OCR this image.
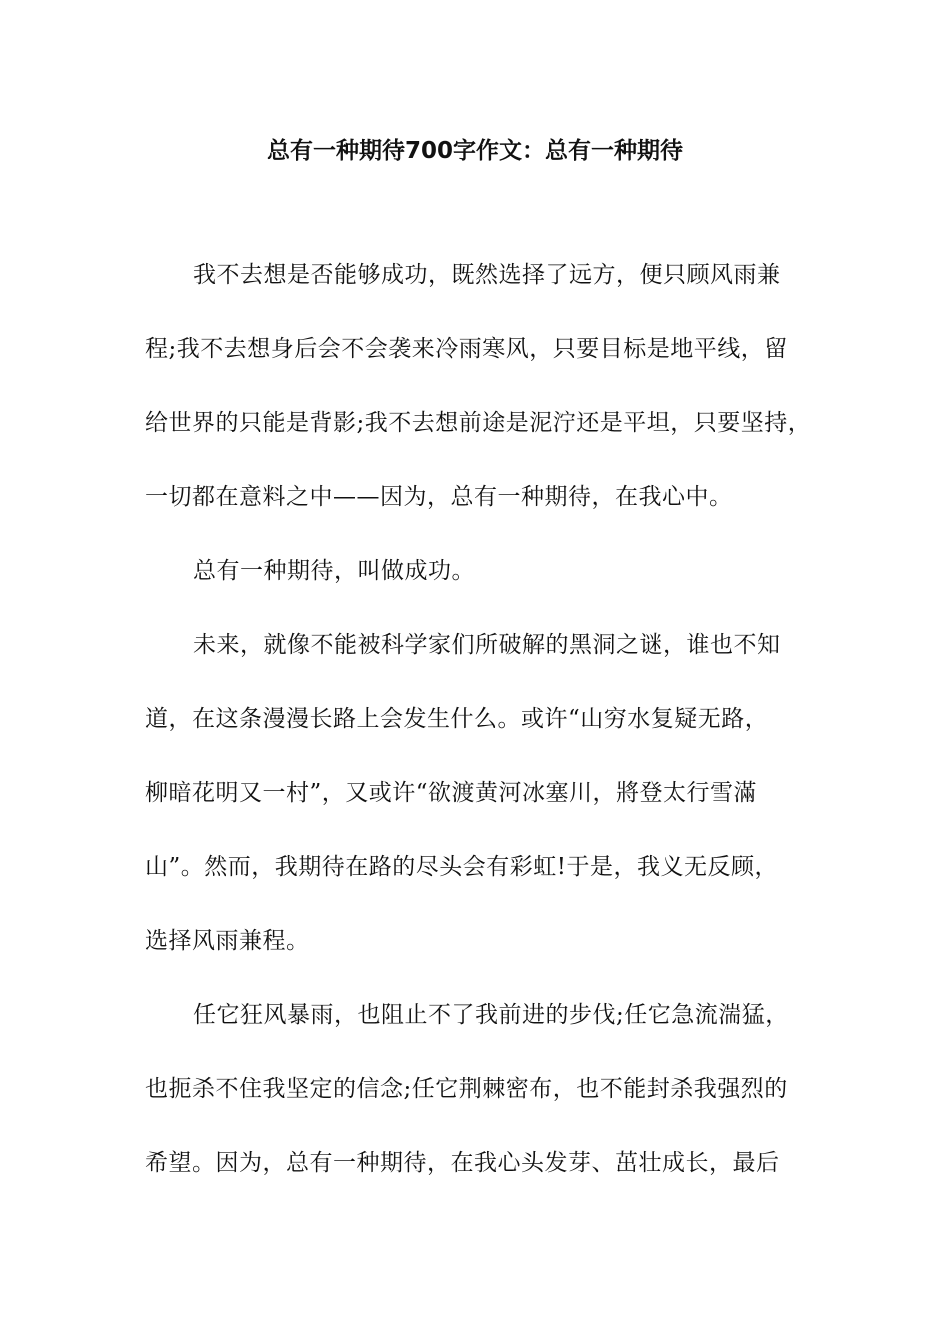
总有一种期待700字作文：总有一种期待

我不去想是否能够成功，既然选择了远方，便只顾风雨兼
程;我不去想身后会不会袭来冷雨寒风，只要目标是地平线，留
给世界的只能是背影;我不去想前途是泥泞还是平坦，只要坚持，
一切都在意料之中——因为，总有一种期待，在我心中。

总有一种期待，叫做成功。

未来，就像不能被科学家们所破解的黑洞之谜，谁也不知
道，在这条漫漫长路上会发生什么。或许“山穷水复疑无路，
柳暗花明又一村”，又或许“欲渡黄河冰塞川，將登太行雪滿
山”。然而，我期待在路的尽头会有彩虹!于是，我义无反顾，
选择风雨兼程。

任它狂风暴雨，也阻止不了我前进的步伐;任它急流湍猛，
也扼杀不住我坚定的信念;任它荆棘密布，也不能封杀我强烈的
希望。因为，总有一种期待，在我心头发芽、茁壮成长，最后
